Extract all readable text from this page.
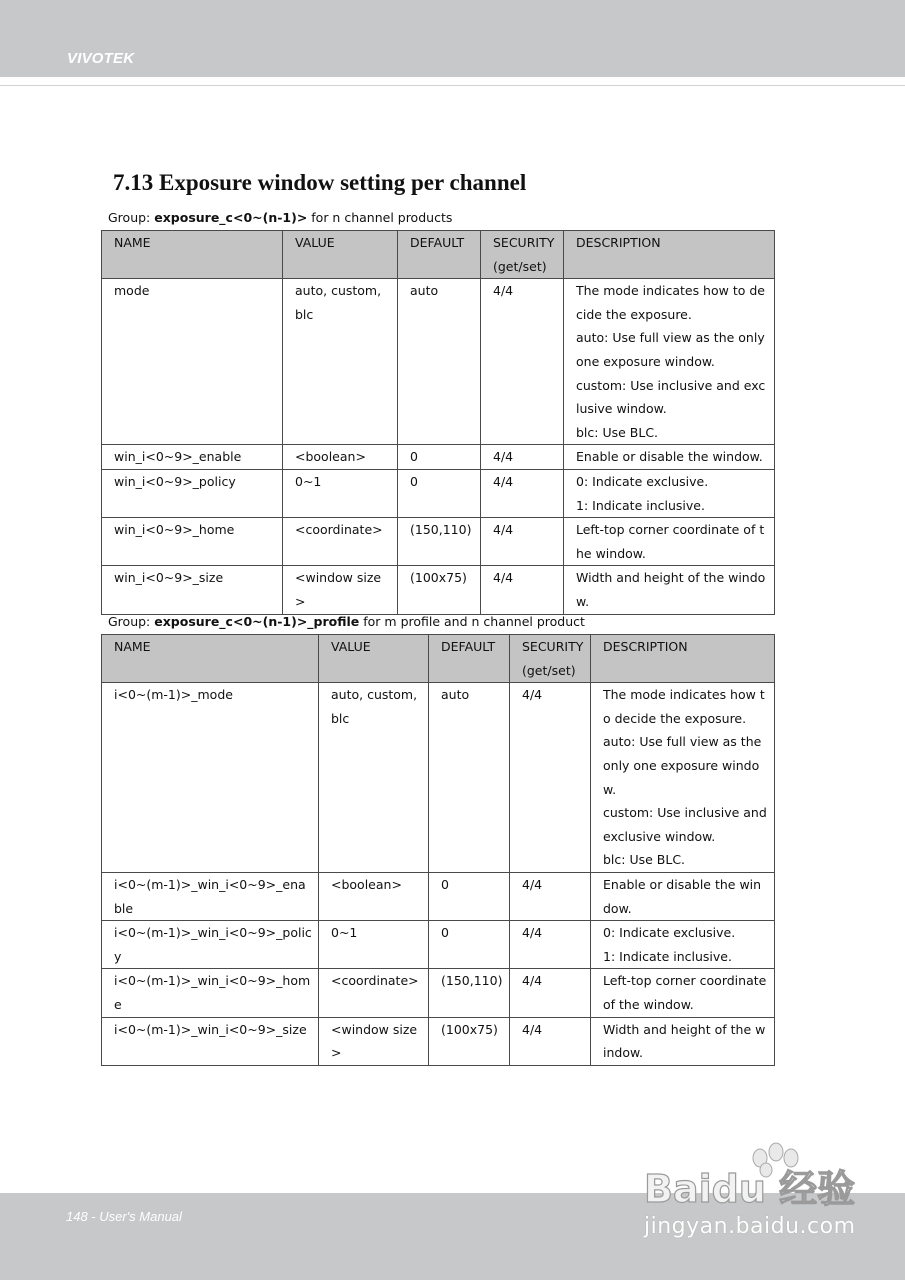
VIVOTEK
7.13 Exposure window setting per channel
Group: exposure_c<0~(n-1)> for n channel products
NAME	VALUE	DEFAULT	SECURITY (get/set)	DESCRIPTION
mode	auto, custom, blc	auto	4/4	The mode indicates how to decide the exposure.
auto: Use full view as the only one exposure window.
custom: Use inclusive and exclusive window.
blc: Use BLC.

win_i<0~9>_enable	<boolean>	0	4/4	Enable or disable the window.

win_i<0~9>_policy	0~1	0	4/4	0: Indicate exclusive.
1: Indicate inclusive.

win_i<0~9>_home	<coordinate>	(150,110)	4/4	Left-top corner coordinate of the window.

win_i<0~9>_size	<window size>	(100x75)	4/4	Width and height of the window.
Group: exposure_c<0~(n-1)>_profile for m profile and n channel product
NAME	VALUE	DEFAULT	SECURITY (get/set)	DESCRIPTION
i<0~(m-1)>_mode	auto, custom, blc	auto	4/4	The mode indicates how to decide the exposure.
auto: Use full view as the only one exposure window.
custom: Use inclusive and exclusive window.
blc: Use BLC.

i<0~(m-1)>_win_i<0~9>_enable	<boolean>	0	4/4	Enable or disable the window.

i<0~(m-1)>_win_i<0~9>_policy	0~1	0	4/4	0: Indicate exclusive.
1: Indicate inclusive.

i<0~(m-1)>_win_i<0~9>_home	<coordinate>	(150,110)	4/4	Left-top corner coordinate of the window.

i<0~(m-1)>_win_i<0~9>_size	<window size>	(100x75)	4/4	Width and height of the window.
148 - User's Manual
Baidu 经验
jingyan.baidu.com
